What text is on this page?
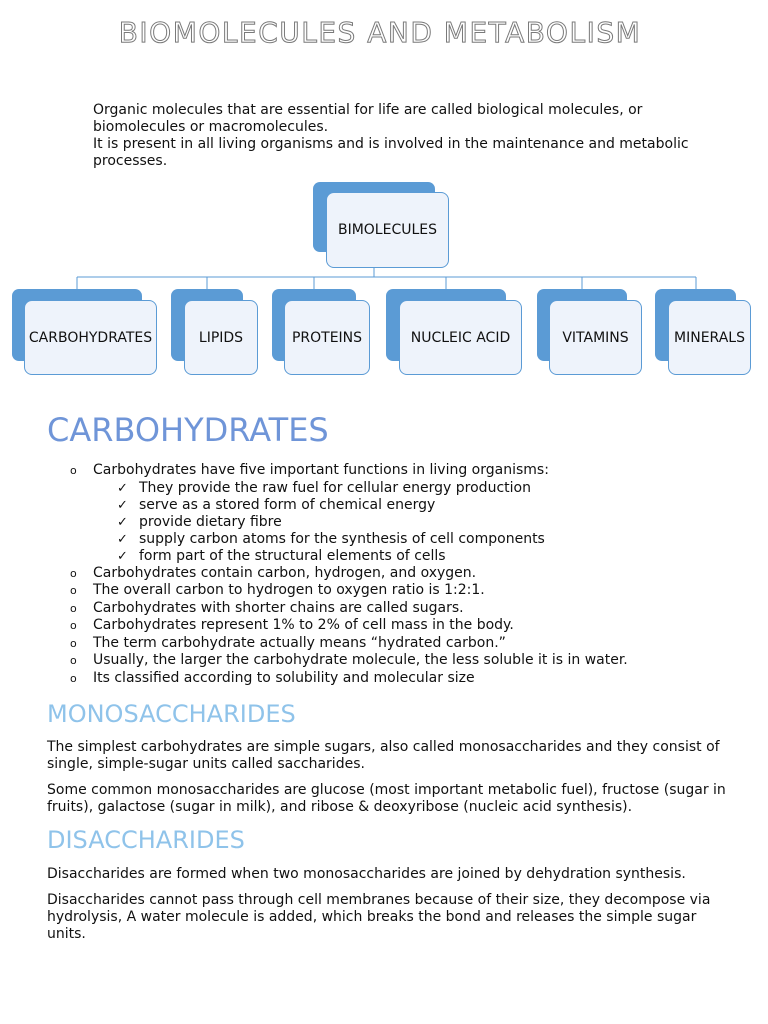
BIOMOLECULES AND METABOLISM

Organic molecules that are essential for life are called biological molecules, or biomolecules or macromolecules.

It is present in all living organisms and is involved in the maintenance and metabolic processes.

BIMOLECULES
CARBOHYDRATES	LIPIDS	PROTEINS	NUCLEIC ACID	VITAMINS	MINERALS
CARBOHYDRATES
o Carbohydrates have five important functions in living organisms:
✓ They provide the raw fuel for cellular energy production
✓ serve as a stored form of chemical energy
✓ provide dietary fibre
✓ supply carbon atoms for the synthesis of cell components
✓ form part of the structural elements of cells
o Carbohydrates contain carbon, hydrogen, and oxygen.
o The overall carbon to hydrogen to oxygen ratio is 1:2:1.
o Carbohydrates with shorter chains are called sugars.
o Carbohydrates represent 1% to 2% of cell mass in the body.
o The term carbohydrate actually means “hydrated carbon.”
o Usually, the larger the carbohydrate molecule, the less soluble it is in water.
o Its classified according to solubility and molecular size
MONOSACCHARIDES

The simplest carbohydrates are simple sugars, also called monosaccharides and they consist of single, simple-sugar units called saccharides.

Some common monosaccharides are glucose (most important metabolic fuel), fructose (sugar in fruits), galactose (sugar in milk), and ribose & deoxyribose (nucleic acid synthesis).

DISACCHARIDES

Disaccharides are formed when two monosaccharides are joined by dehydration synthesis.

Disaccharides cannot pass through cell membranes because of their size, they decompose via hydrolysis, A water molecule is added, which breaks the bond and releases the simple sugar units.
